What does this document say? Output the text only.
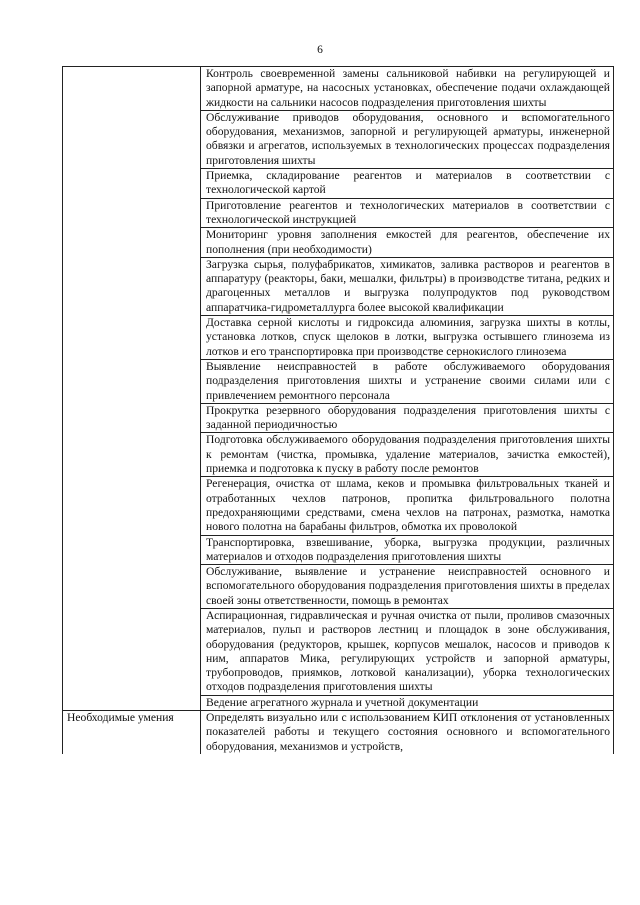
6
	Контроль своевременной замены сальниковой набивки на регулирующей и запорной арматуре, на насосных установках, обеспечение подачи охлаждающей жидкости на сальники насосов подразделения приготовления шихты
	Обслуживание приводов оборудования, основного и вспомогательного оборудования, механизмов, запорной и регулирующей арматуры, инженерной обвязки и агрегатов, используемых в технологических процессах подразделения приготовления шихты
	Приемка, складирование реагентов и материалов в соответствии с технологической картой
	Приготовление реагентов и технологических материалов в соответствии с технологической инструкцией
	Мониторинг уровня заполнения емкостей для реагентов, обеспечение их пополнения (при необходимости)
	Загрузка сырья, полуфабрикатов, химикатов, заливка растворов и реагентов в аппаратуру (реакторы, баки, мешалки, фильтры) в производстве титана, редких и драгоценных металлов и выгрузка полупродуктов под руководством аппаратчика-гидрометаллурга более высокой квалификации
	Доставка серной кислоты и гидроксида алюминия, загрузка шихты в котлы, установка лотков, спуск щелоков в лотки, выгрузка остывшего глинозема из лотков и его транспортировка при производстве сернокислого глинозема
	Выявление неисправностей в работе обслуживаемого оборудования подразделения приготовления шихты и устранение своими силами или с привлечением ремонтного персонала
	Прокрутка резервного оборудования подразделения приготовления шихты с заданной периодичностью
	Подготовка обслуживаемого оборудования подразделения приготовления шихты к ремонтам (чистка, промывка, удаление материалов, зачистка емкостей), приемка и подготовка к пуску в работу после ремонтов
	Регенерация, очистка от шлама, кеков и промывка фильтровальных тканей и отработанных чехлов патронов, пропитка фильтровального полотна предохраняющими средствами, смена чехлов на патронах, размотка, намотка нового полотна на барабаны фильтров, обмотка их проволокой
	Транспортировка, взвешивание, уборка, выгрузка продукции, различных материалов и отходов подразделения приготовления шихты
	Обслуживание, выявление и устранение неисправностей основного и вспомогательного оборудования подразделения приготовления шихты в пределах своей зоны ответственности, помощь в ремонтах
	Аспирационная, гидравлическая и ручная очистка от пыли, проливов смазочных материалов, пульп и растворов лестниц и площадок в зоне обслуживания, оборудования (редукторов, крышек, корпусов мешалок, насосов и приводов к ним, аппаратов Мика, регулирующих устройств и запорной арматуры, трубопроводов, приямков, лотковой канализации), уборка технологических отходов подразделения приготовления шихты
	Ведение агрегатного журнала и учетной документации
Необходимые умения	Определять визуально или с использованием КИП отклонения от установленных показателей работы и текущего состояния основного и вспомогательного оборудования, механизмов и устройств,
